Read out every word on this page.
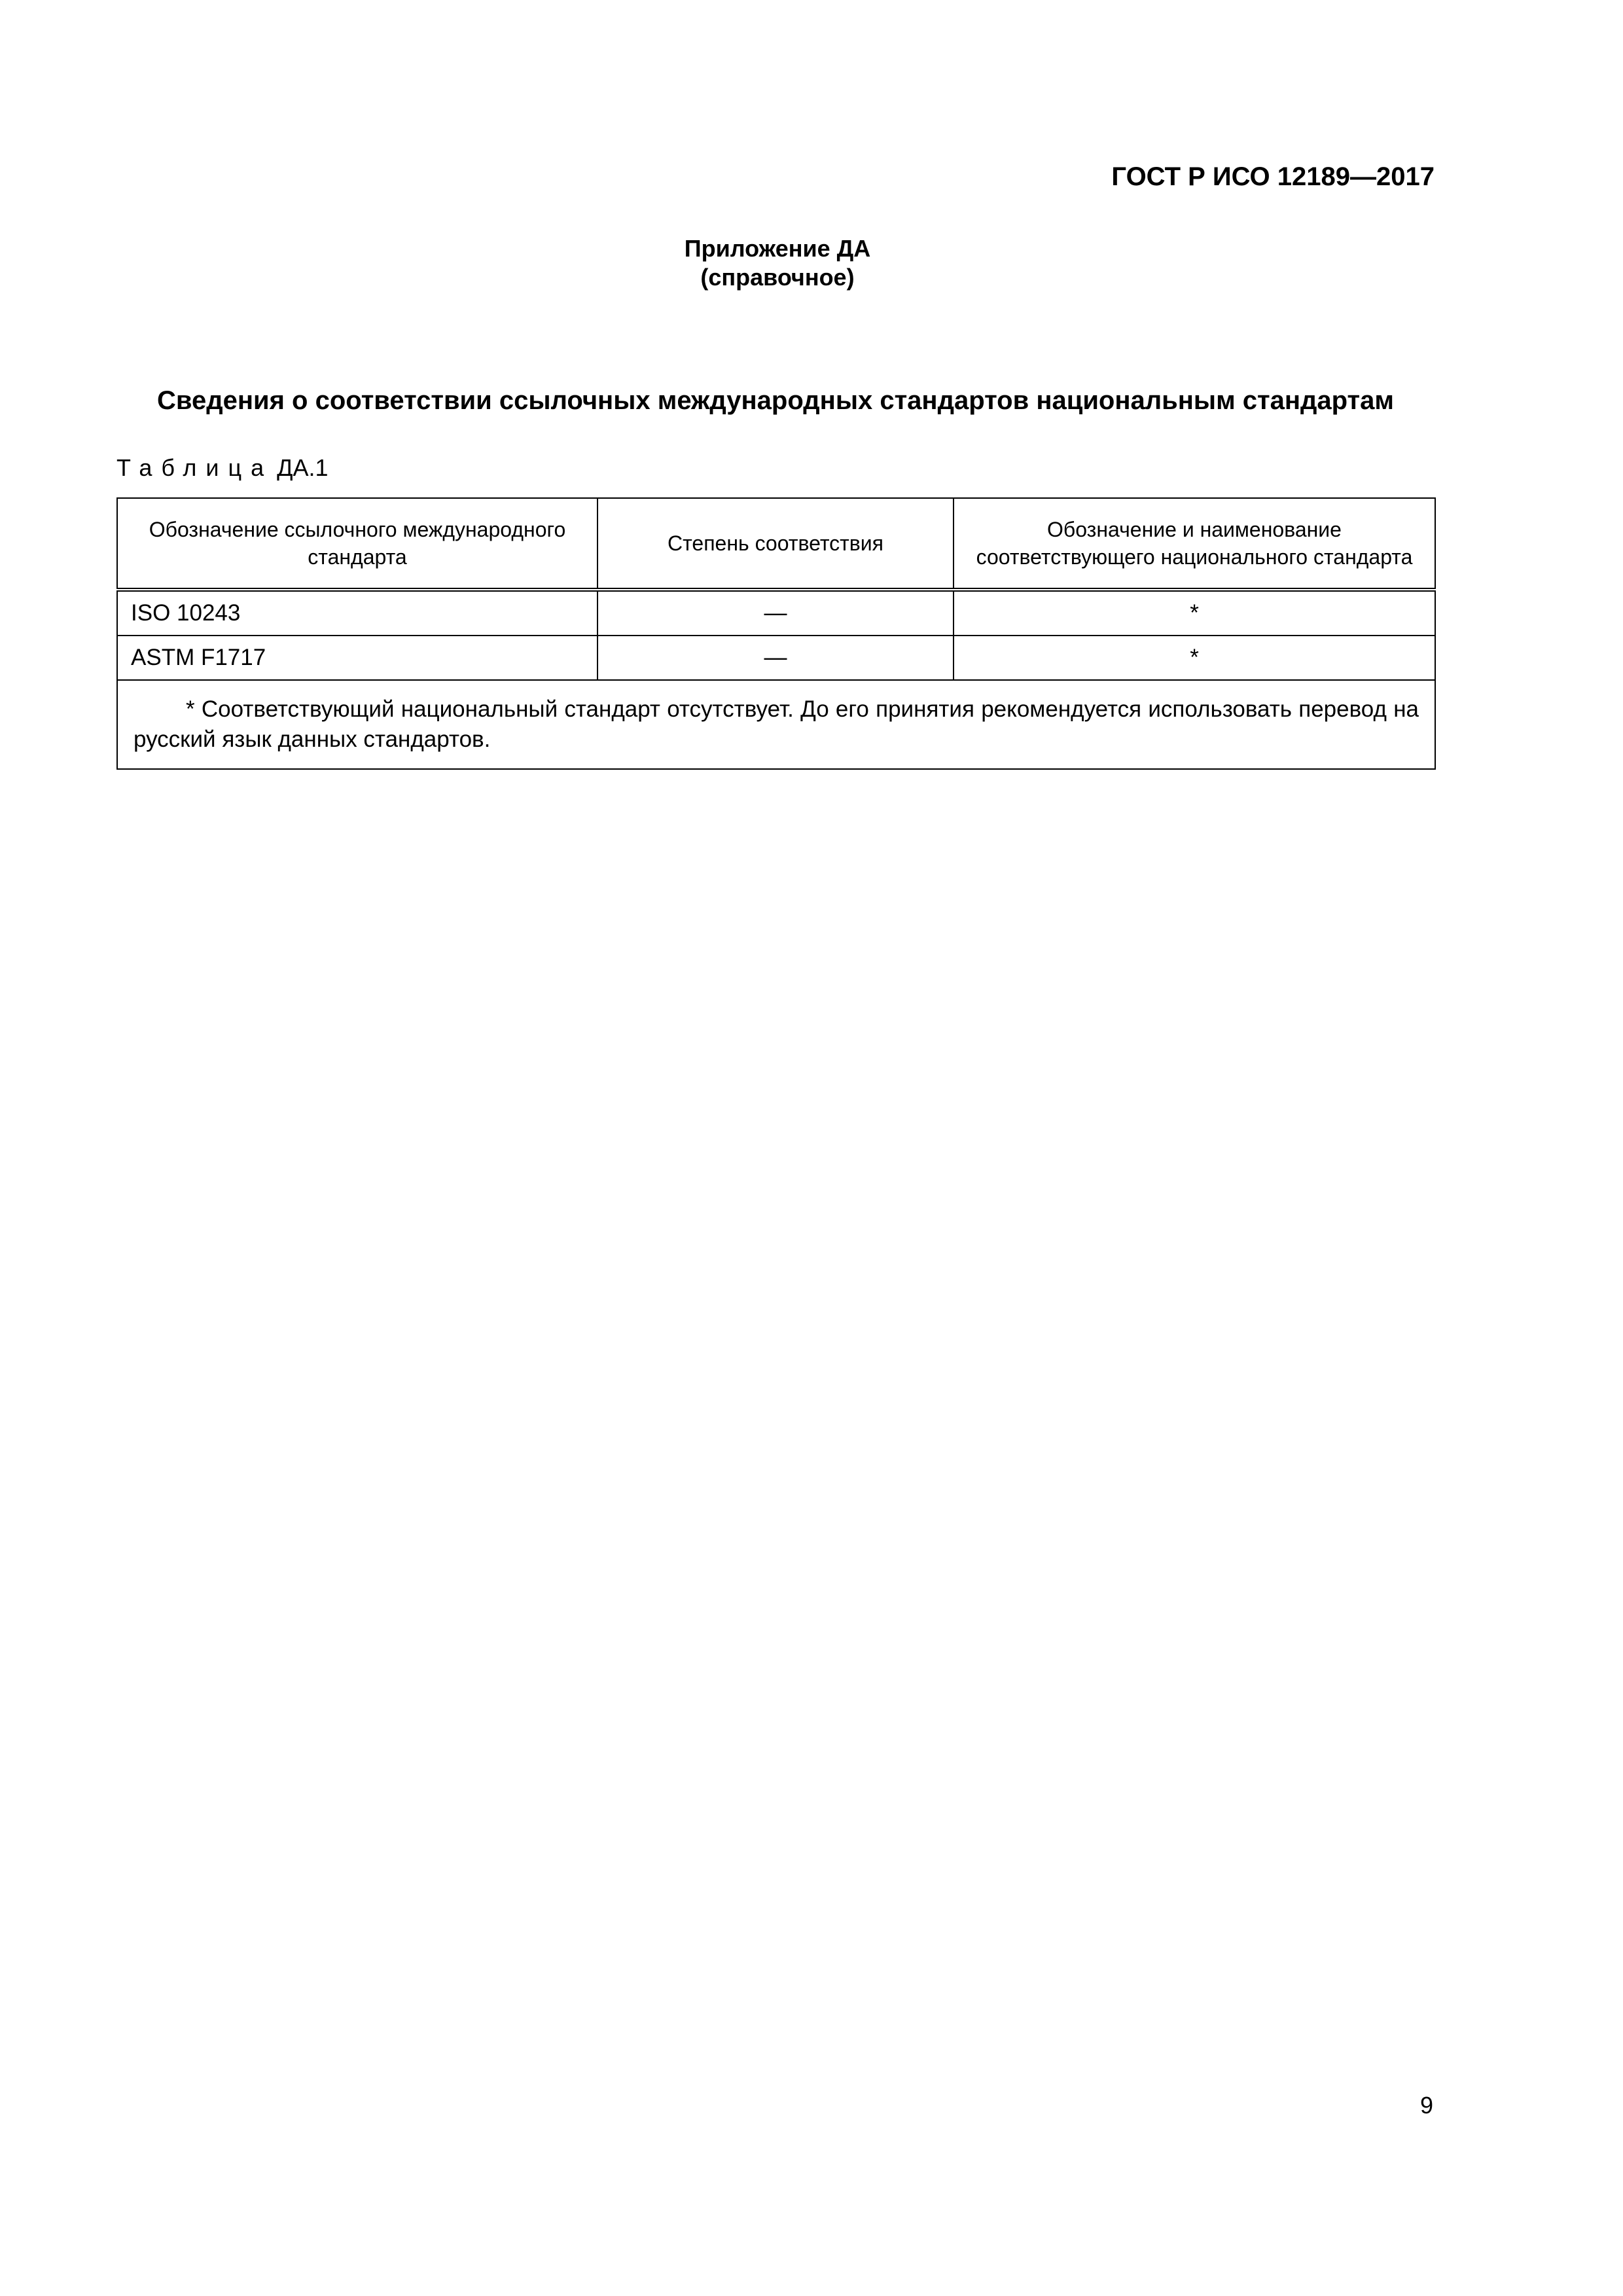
ГОСТ Р ИСО 12189—2017
Приложение ДА
(справочное)
Сведения о соответствии ссылочных международных стандартов национальным стандартам
Таблица ДА.1
Обозначение ссылочного международного стандарта	Степень соответствия	Обозначение и наименование соответствующего национального стандарта
ISO 10243	—	*
ASTM F1717	—	*

* Соответствующий национальный стандарт отсутствует. До его принятия рекомендуется использовать перевод на русский язык данных стандартов.		
9
